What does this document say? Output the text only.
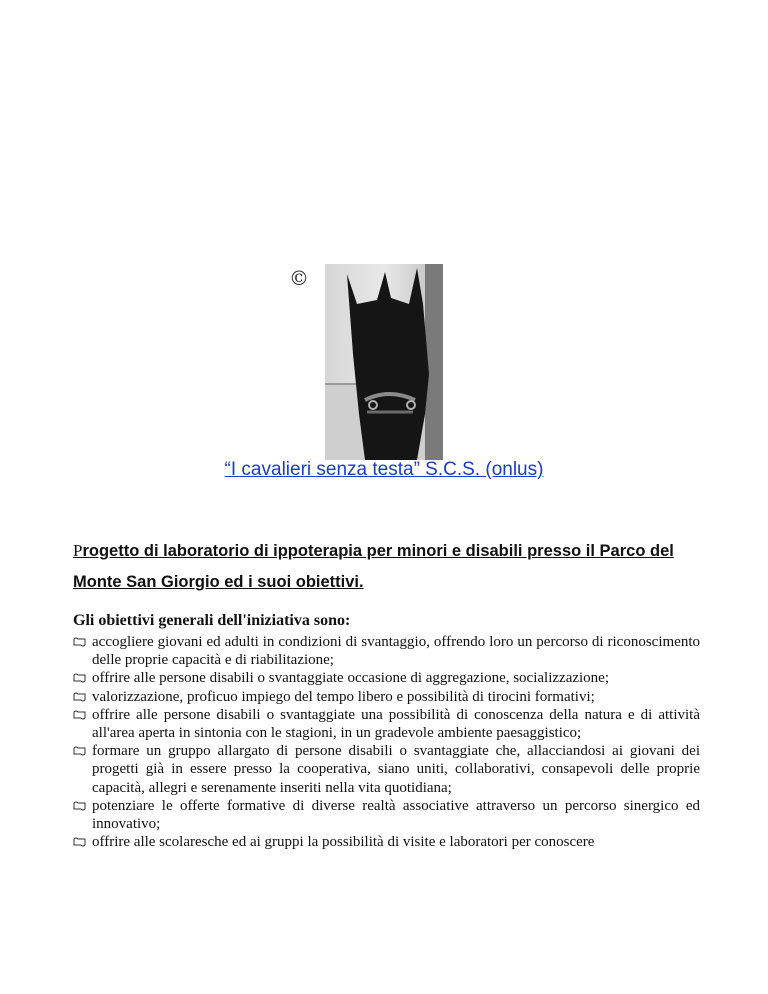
©
“I cavalieri senza testa” S.C.S. (onlus)
Progetto di laboratorio di ippoterapia per minori e disabili presso il Parco del Monte San Giorgio ed i suoi obiettivi.
Gli obiettivi generali dell'iniziativa sono:
accogliere giovani ed adulti in condizioni di svantaggio, offrendo loro un percorso di riconoscimento delle proprie capacità e di riabilitazione;
offrire alle persone disabili o svantaggiate occasione di aggregazione, socializzazione;
valorizzazione, proficuo impiego del tempo libero e possibilità di tirocini formativi;
offrire alle persone disabili o svantaggiate una possibilità di conoscenza della natura e di attività all'area aperta in sintonia con le stagioni, in un gradevole ambiente paesaggistico;
formare un gruppo allargato di persone disabili o svantaggiate che, allacciandosi ai giovani dei progetti già in essere presso la cooperativa, siano uniti, collaborativi, consapevoli delle proprie capacità, allegri e serenamente inseriti nella vita quotidiana;
potenziare le offerte formative di diverse realtà associative attraverso un percorso sinergico ed innovativo;
offrire alle scolaresche ed ai gruppi la possibilità di visite e laboratori per conoscere
